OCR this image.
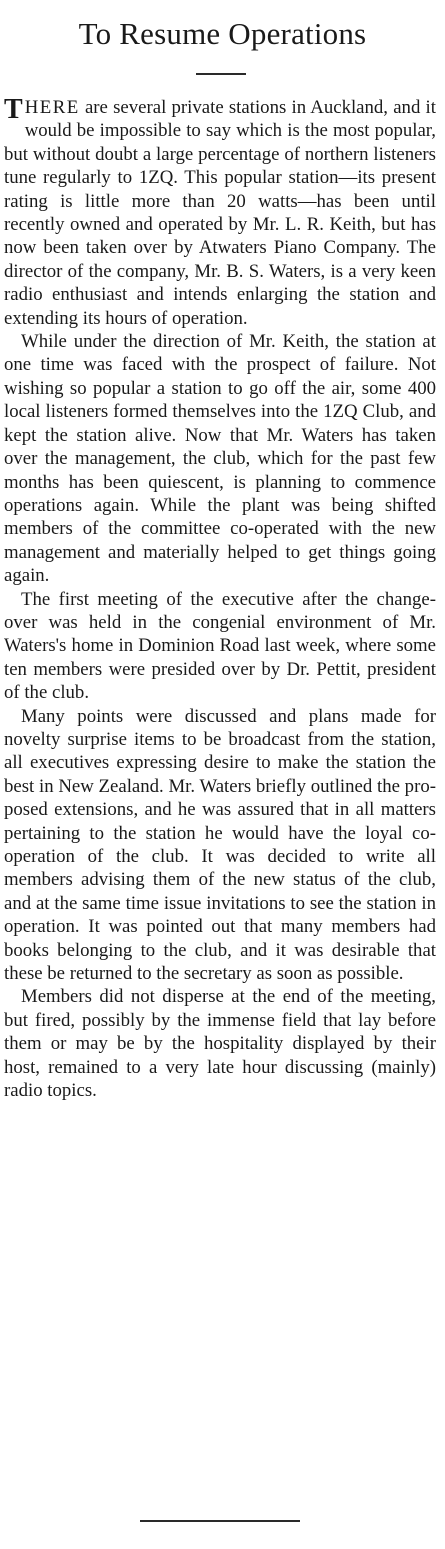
To Resume Operations

T HERE are several private stations in Auckland, and it would be impossible to say which is the most popular, but without doubt a large percentage of northern listeners tune regularly to 1ZQ. This popular station—its present rating is little more than 20 watts—has been until recently owned and operated by Mr. L. R. Keith, but has now been taken over by Atwaters Piano Company. The director of the company, Mr. B. S. Waters, is a very keen radio enthusiast and intends enlarging the station and extending its hours of operation.

While under the direction of Mr. Keith, the station at one time was faced with the prospect of failure. Not wishing so popular a station to go off the air, some 400 local listeners formed themselves into the 1ZQ Club, and kept the station alive. Now that Mr. Waters has taken over the management, the club, which for the past few months has been quiescent, is planning to commence operations again. While the plant was being shifted members of the committee co-operated with the new management and materially helped to get things going again.

The first meeting of the executive after the change-over was held in the congenial environment of Mr. Waters's home in Dominion Road last week, where some ten members were presided over by Dr. Pettit, president of the club.

Many points were discussed and plans made for novelty surprise items to be broadcast from the station, all executives expressing desire to make the station the best in New Zealand. Mr. Waters briefly outlined the proposed extensions, and he was assured that in all matters pertaining to the station he would have the loyal co-operation of the club. It was decided to write all members advising them of the new status of the club, and at the same time issue invitations to see the station in operation. It was pointed out that many members had books belonging to the club, and it was desirable that these be returned to the secretary as soon as possible.

Members did not disperse at the end of the meeting, but fired, possibly by the immense field that lay before them or may be by the hospitality displayed by their host, remained to a very late hour discussing (mainly) radio topics.
